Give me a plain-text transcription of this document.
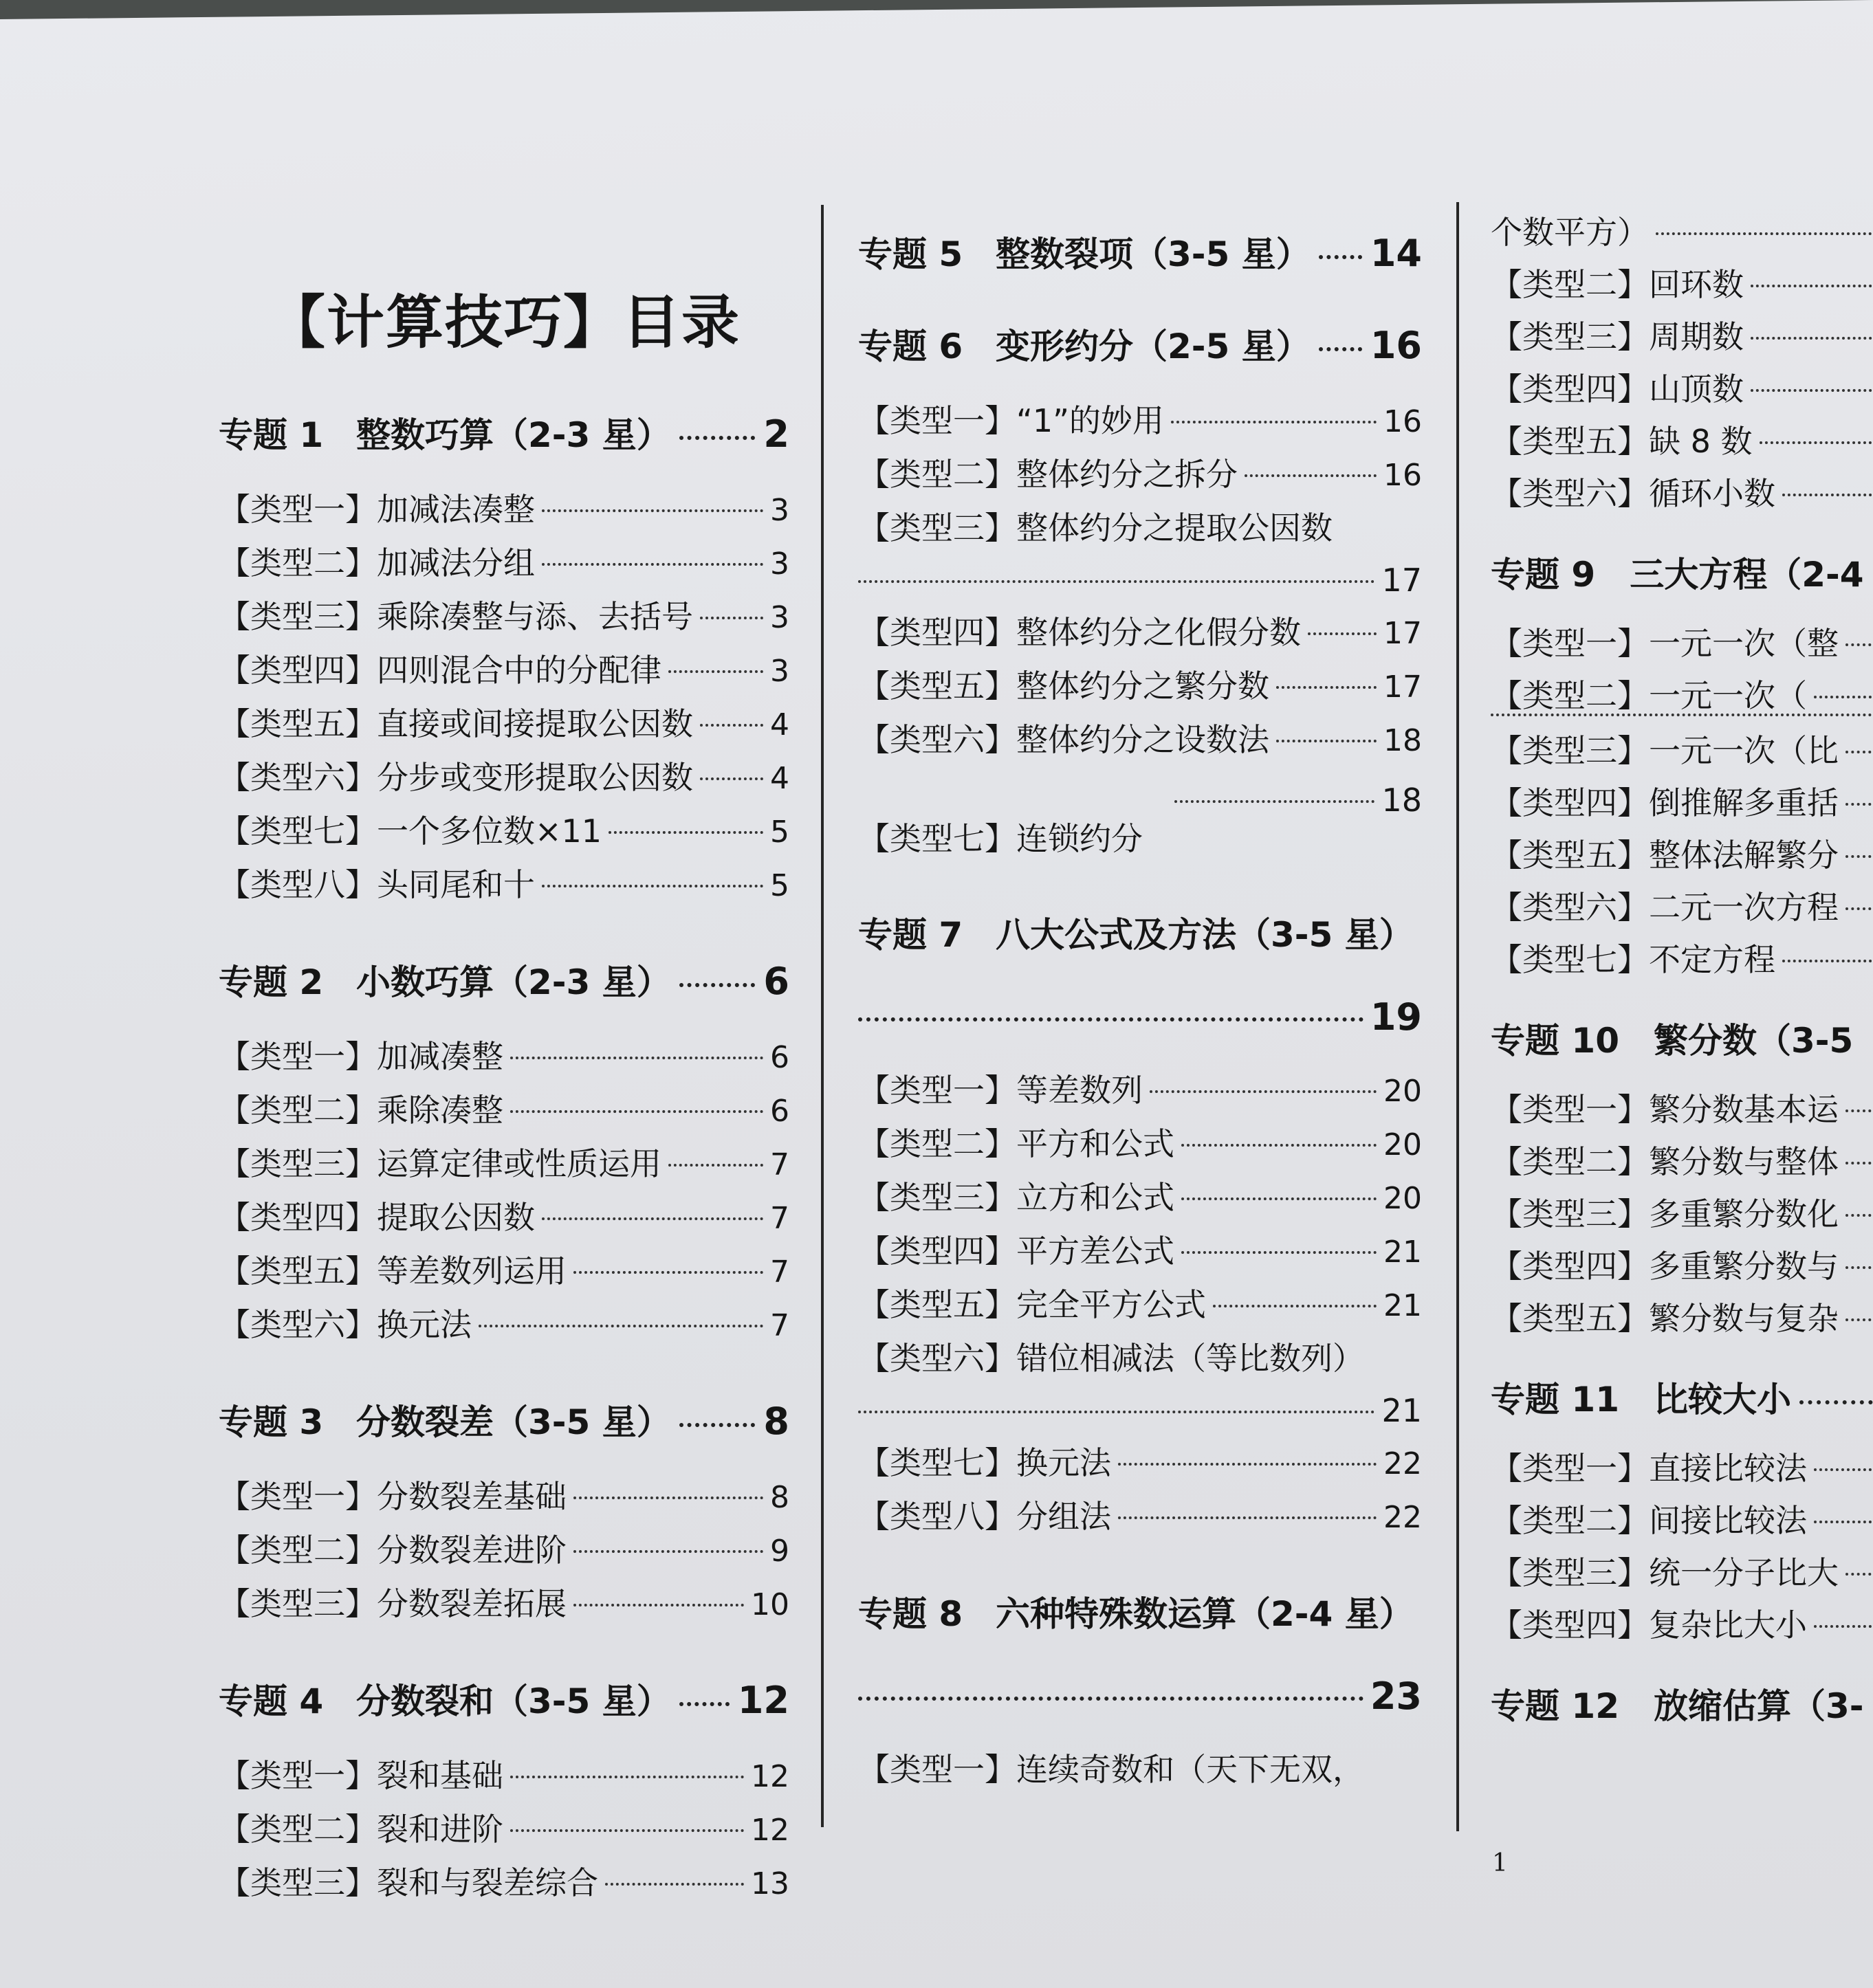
【计算技巧】目录
专题 1 整数巧算（2-3 星） 2
【类型一】加减法凑整	3
【类型二】加减法分组	3
【类型三】乘除凑整与添、去括号	3
【类型四】四则混合中的分配律	3
【类型五】直接或间接提取公因数	4
【类型六】分步或变形提取公因数	4
【类型七】一个多位数×11	5
【类型八】头同尾和十	5
专题 2 小数巧算（2-3 星） 6
【类型一】加减凑整	6
【类型二】乘除凑整	6
【类型三】运算定律或性质运用	7
【类型四】提取公因数	7
【类型五】等差数列运用	7
【类型六】换元法	7
专题 3 分数裂差（3-5 星） 8
【类型一】分数裂差基础	8
【类型二】分数裂差进阶	9
【类型三】分数裂差拓展	10
专题 4 分数裂和（3-5 星） 12
【类型一】裂和基础	12
【类型二】裂和进阶	12
【类型三】裂和与裂差综合	13
专题 5 整数裂项（3-5 星） 14
专题 6 变形约分（2-5 星） 16
【类型一】“1”的妙用	16
【类型二】整体约分之拆分	16
【类型三】整体约分之提取公因数
17
【类型四】整体约分之化假分数	17
【类型五】整体约分之繁分数	17
【类型六】整体约分之设数法	18
18
【类型七】连锁约分
专题 7 八大公式及方法（3-5 星）
19
【类型一】等差数列	20
【类型二】平方和公式	20
【类型三】立方和公式	20
【类型四】平方差公式	21
【类型五】完全平方公式	21
【类型六】错位相减法（等比数列）
21
【类型七】换元法	22
【类型八】分组法	22
专题 8 六种特殊数运算（2-4 星）
23
【类型一】连续奇数和（天下无双，
个数平方）
【类型二】回环数
【类型三】周期数
【类型四】山顶数
【类型五】缺 8 数
【类型六】循环小数
专题 9　三大方程（2-4
【类型一】一元一次（整
【类型二】一元一次（
【类型三】一元一次（比
【类型四】倒推解多重括
【类型五】整体法解繁分
【类型六】二元一次方程
【类型七】不定方程
专题 10　繁分数（3-5
【类型一】繁分数基本运
【类型二】繁分数与整体
【类型三】多重繁分数化
【类型四】多重繁分数与
【类型五】繁分数与复杂
专题 11　比较大小
【类型一】直接比较法
【类型二】间接比较法
【类型三】统一分子比大
【类型四】复杂比大小
专题 12　放缩估算（3-
1
